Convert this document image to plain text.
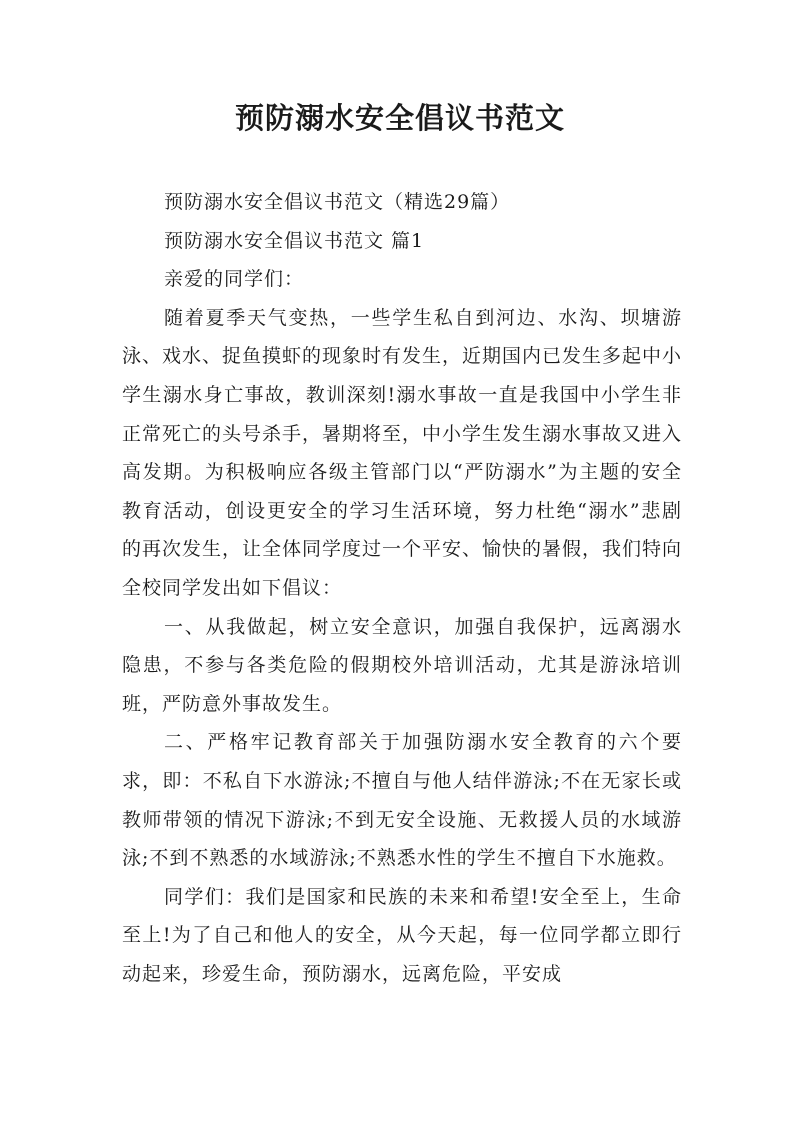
预防溺水安全倡议书范文

预防溺水安全倡议书范文（精选29篇）

预防溺水安全倡议书范文 篇1

亲爱的同学们：

随着夏季天气变热，一些学生私自到河边、水沟、坝塘游泳、戏水、捉鱼摸虾的现象时有发生，近期国内已发生多起中小学生溺水身亡事故，教训深刻!溺水事故一直是我国中小学生非正常死亡的头号杀手，暑期将至，中小学生发生溺水事故又进入高发期。为积极响应各级主管部门以“严防溺水”为主题的安全教育活动，创设更安全的学习生活环境，努力杜绝“溺水”悲剧的再次发生，让全体同学度过一个平安、愉快的暑假，我们特向全校同学发出如下倡议：

一、从我做起，树立安全意识，加强自我保护，远离溺水隐患，不参与各类危险的假期校外培训活动，尤其是游泳培训班，严防意外事故发生。

二、严格牢记教育部关于加强防溺水安全教育的六个要求，即：不私自下水游泳;不擅自与他人结伴游泳;不在无家长或教师带领的情况下游泳;不到无安全设施、无救援人员的水域游泳;不到不熟悉的水域游泳;不熟悉水性的学生不擅自下水施救。

同学们：我们是国家和民族的未来和希望!安全至上，生命至上!为了自己和他人的安全，从今天起，每一位同学都立即行动起来，珍爱生命，预防溺水，远离危险，平安成
